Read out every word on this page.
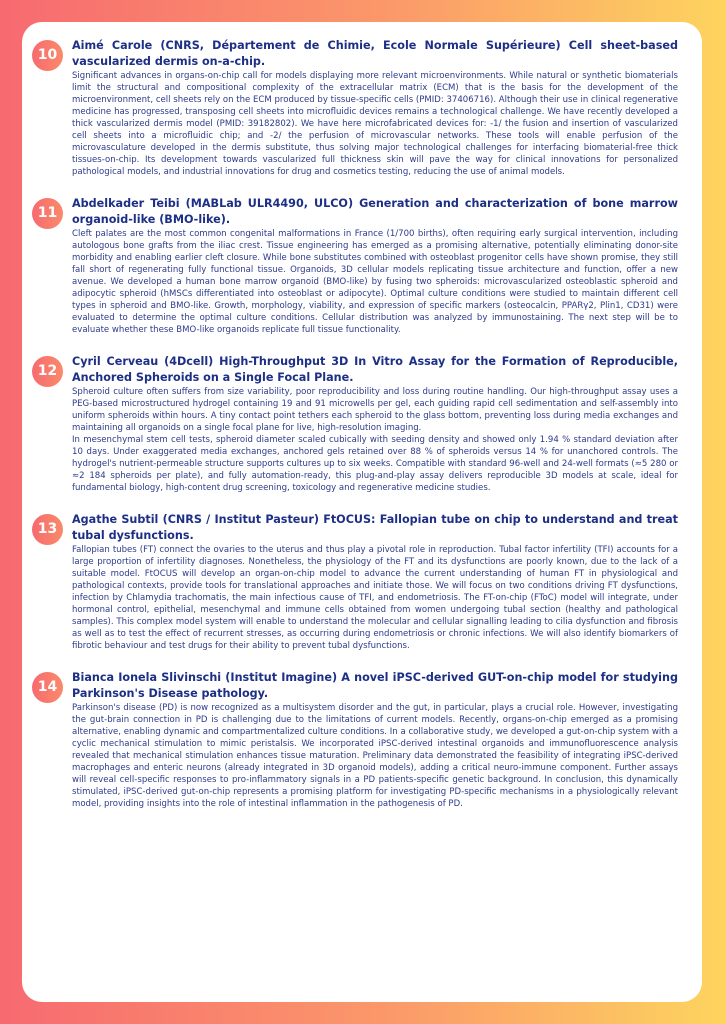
10

Aimé Carole (CNRS, Département de Chimie, Ecole Normale Supérieure) Cell sheet-based vascularized dermis on-a-chip.

Significant advances in organs-on-chip call for models displaying more relevant microenvironments. While natural or synthetic biomaterials limit the structural and compositional complexity of the extracellular matrix (ECM) that is the basis for the development of the microenvironment, cell sheets rely on the ECM produced by tissue-specific cells (PMID: 37406716). Although their use in clinical regenerative medicine has progressed, transposing cell sheets into microfluidic devices remains a technological challenge. We have recently developed a thick vascularized dermis model (PMID: 39182802). We have here microfabricated devices for: -1/ the fusion and insertion of vascularized cell sheets into a microfluidic chip; and -2/ the perfusion of microvascular networks. These tools will enable perfusion of the microvasculature developed in the dermis substitute, thus solving major technological challenges for interfacing biomaterial-free thick tissues-on-chip. Its development towards vascularized full thickness skin will pave the way for clinical innovations for personalized pathological models, and industrial innovations for drug and cosmetics testing, reducing the use of animal models.

11

Abdelkader Teibi (MABLab ULR4490, ULCO) Generation and characterization of bone marrow organoid-like (BMO-like).

Cleft palates are the most common congenital malformations in France (1/700 births), often requiring early surgical intervention, including autologous bone grafts from the iliac crest. Tissue engineering has emerged as a promising alternative, potentially eliminating donor-site morbidity and enabling earlier cleft closure. While bone substitutes combined with osteoblast progenitor cells have shown promise, they still fall short of regenerating fully functional tissue. Organoids, 3D cellular models replicating tissue architecture and function, offer a new avenue. We developed a human bone marrow organoid (BMO-like) by fusing two spheroids: microvascularized osteoblastic spheroid and adipocytic spheroid (hMSCs differentiated into osteoblast or adipocyte). Optimal culture conditions were studied to maintain different cell types in spheroid and BMO-like. Growth, morphology, viability, and expression of specific markers (osteocalcin, PPARγ2, Plin1, CD31) were evaluated to determine the optimal culture conditions. Cellular distribution was analyzed by immunostaining. The next step will be to evaluate whether these BMO-like organoids replicate full tissue functionality.

12

Cyril Cerveau (4Dcell) High-Throughput 3D In Vitro Assay for the Formation of Reproducible, Anchored Spheroids on a Single Focal Plane.

Spheroid culture often suffers from size variability, poor reproducibility and loss during routine handling. Our high-throughput assay uses a PEG-based microstructured hydrogel containing 19 and 91 microwells per gel, each guiding rapid cell sedimentation and self-assembly into uniform spheroids within hours. A tiny contact point tethers each spheroid to the glass bottom, preventing loss during media exchanges and maintaining all organoids on a single focal plane for live, high-resolution imaging.

In mesenchymal stem cell tests, spheroid diameter scaled cubically with seeding density and showed only 1.94 % standard deviation after 10 days. Under exaggerated media exchanges, anchored gels retained over 88 % of spheroids versus 14 % for unanchored controls. The hydrogel's nutrient-permeable structure supports cultures up to six weeks. Compatible with standard 96-well and 24-well formats (≈5 280 or ≈2 184 spheroids per plate), and fully automation-ready, this plug-and-play assay delivers reproducible 3D models at scale, ideal for fundamental biology, high-content drug screening, toxicology and regenerative medicine studies.

13

Agathe Subtil (CNRS / Institut Pasteur) FtOCUS: Fallopian tube on chip to understand and treat tubal dysfunctions.

Fallopian tubes (FT) connect the ovaries to the uterus and thus play a pivotal role in reproduction. Tubal factor infertility (TFI) accounts for a large proportion of infertility diagnoses. Nonetheless, the physiology of the FT and its dysfunctions are poorly known, due to the lack of a suitable model. FtOCUS will develop an organ-on-chip model to advance the current understanding of human FT in physiological and pathological contexts, provide tools for translational approaches and initiate those. We will focus on two conditions driving FT dysfunctions, infection by Chlamydia trachomatis, the main infectious cause of TFI, and endometriosis. The FT-on-chip (FToC) model will integrate, under hormonal control, epithelial, mesenchymal and immune cells obtained from women undergoing tubal section (healthy and pathological samples). This complex model system will enable to understand the molecular and cellular signalling leading to cilia dysfunction and fibrosis as well as to test the effect of recurrent stresses, as occurring during endometriosis or chronic infections. We will also identify biomarkers of fibrotic behaviour and test drugs for their ability to prevent tubal dysfunctions.

14

Bianca Ionela Slivinschi (Institut Imagine) A novel iPSC-derived GUT-on-chip model for studying Parkinson's Disease pathology.

Parkinson's disease (PD) is now recognized as a multisystem disorder and the gut, in particular, plays a crucial role. However, investigating the gut-brain connection in PD is challenging due to the limitations of current models. Recently, organs-on-chip emerged as a promising alternative, enabling dynamic and compartmentalized culture conditions. In a collaborative study, we developed a gut-on-chip system with a cyclic mechanical stimulation to mimic peristalsis. We incorporated iPSC-derived intestinal organoids and immunofluorescence analysis revealed that mechanical stimulation enhances tissue maturation. Preliminary data demonstrated the feasibility of integrating iPSC-derived macrophages and enteric neurons (already integrated in 3D organoid models), adding a critical neuro-immune component. Further assays will reveal cell-specific responses to pro-inflammatory signals in a PD patients-specific genetic background. In conclusion, this dynamically stimulated, iPSC-derived gut-on-chip represents a promising platform for investigating PD-specific mechanisms in a physiologically relevant model, providing insights into the role of intestinal inflammation in the pathogenesis of PD.
